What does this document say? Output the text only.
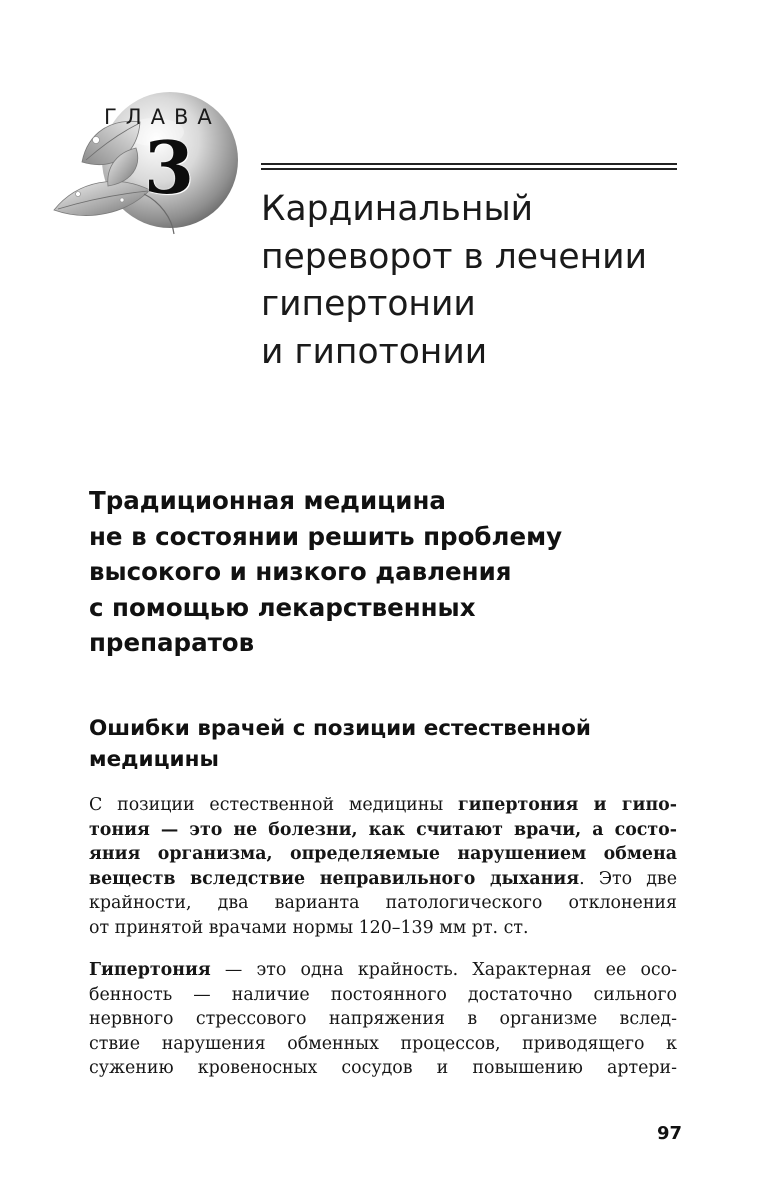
ГЛАВА
3 Кардинальный
переворот в лечении
гипертонии
и гипотонии
Традиционная медицина
не в состоянии решить проблему
высокого и низкого давления
с помощью лекарственных
препаратов
Ошибки врачей с позиции естественной
медицины
С позиции естественной медицины гипертония и гипо-
тония — это не болезни, как считают врачи, а состо-
яния организма, определяемые нарушением обмена
веществ вследствие неправильного дыхания. Это две
крайности, два варианта патологического отклонения
от принятой врачами нормы 120–139 мм рт. ст.
Гипертония — это одна крайность. Характерная ее осо-
бенность — наличие постоянного достаточно сильного
нервного стрессового напряжения в организме вслед-
ствие нарушения обменных процессов, приводящего к
сужению кровеносных сосудов и повышению артери-
97
